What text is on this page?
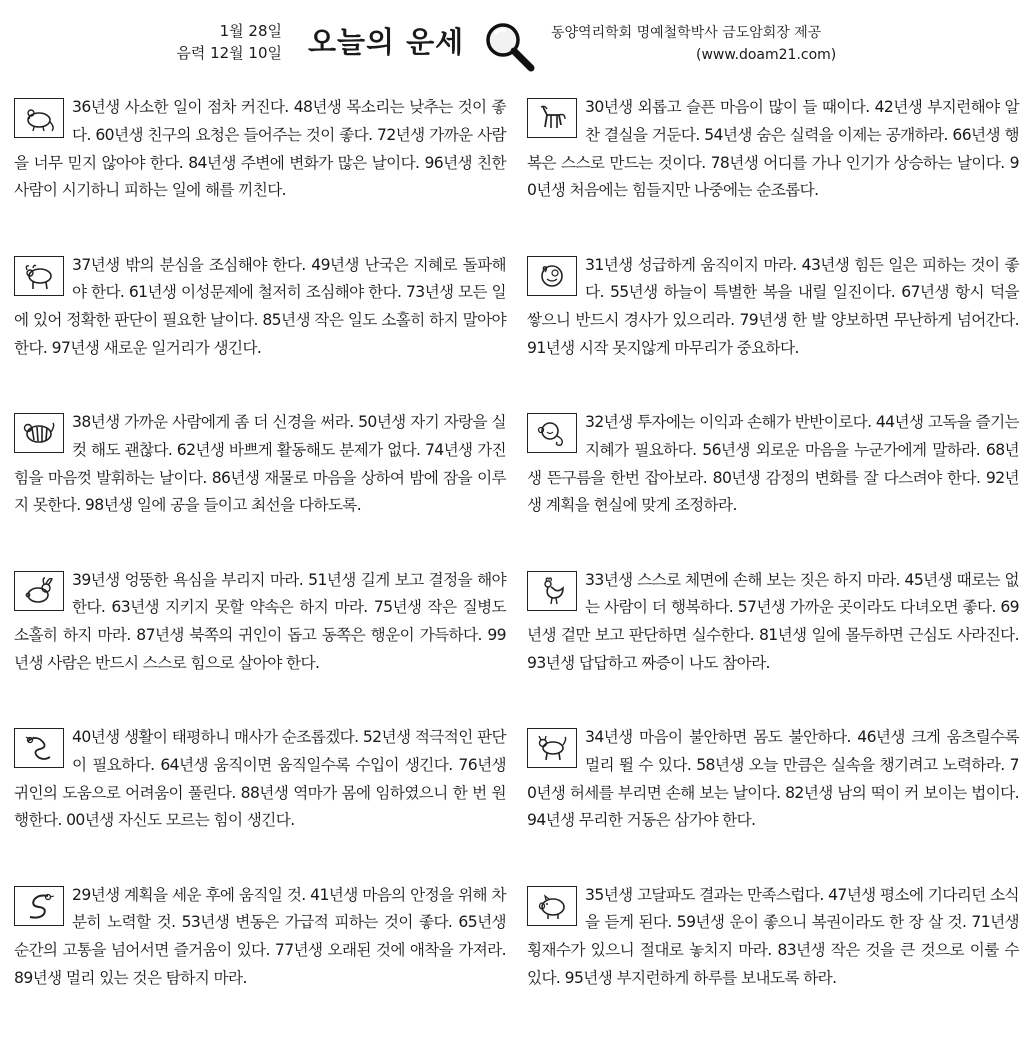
1월 28일
음력 12월 10일 오늘의 운세	동양역리학회 명예철학박사 금도암회장 제공
(www.doam21.com)

36년생 사소한 일이 점차 커진다. 48년생 목소리는 낮추는 것이 좋다. 60년생 친구의 요청은 들어주는 것이 좋다. 72년생 가까운 사람을 너무 믿지 않아야 한다. 84년생 주변에 변화가 많은 날이다. 96년생 친한 사람이 시기하니 피하는 일에 해를 끼친다.

37년생 밖의 분심을 조심해야 한다. 49년생 난국은 지혜로 돌파해야 한다. 61년생 이성문제에 철저히 조심해야 한다. 73년생 모든 일에 있어 정확한 판단이 필요한 날이다. 85년생 작은 일도 소홀히 하지 말아야 한다. 97년생 새로운 일거리가 생긴다.

38년생 가까운 사람에게 좀 더 신경을 써라. 50년생 자기 자랑을 실컷 해도 괜찮다. 62년생 바쁘게 활동해도 분제가 없다. 74년생 가진 힘을 마음껏 발휘하는 날이다. 86년생 재물로 마음을 상하여 밤에 잠을 이루지 못한다. 98년생 일에 공을 들이고 최선을 다하도록.

39년생 엉뚱한 욕심을 부리지 마라. 51년생 길게 보고 결정을 해야 한다. 63년생 지키지 못할 약속은 하지 마라. 75년생 작은 질병도 소홀히 하지 마라. 87년생 북쪽의 귀인이 돕고 동쪽은 행운이 가득하다. 99년생 사람은 반드시 스스로 힘으로 살아야 한다.

40년생 생활이 태평하니 매사가 순조롭겠다. 52년생 적극적인 판단이 필요하다. 64년생 움직이면 움직일수록 수입이 생긴다. 76년생 귀인의 도움으로 어려움이 풀린다. 88년생 역마가 몸에 임하였으니 한 번 원행한다. 00년생 자신도 모르는 힘이 생긴다.

29년생 계획을 세운 후에 움직일 것. 41년생 마음의 안정을 위해 차분히 노력할 것. 53년생 변동은 가급적 피하는 것이 좋다. 65년생 순간의 고통을 넘어서면 즐거움이 있다. 77년생 오래된 것에 애착을 가져라. 89년생 멀리 있는 것은 탐하지 마라.

30년생 외롭고 슬픈 마음이 많이 들 때이다. 42년생 부지런해야 알찬 결실을 거둔다. 54년생 숨은 실력을 이제는 공개하라. 66년생 행복은 스스로 만드는 것이다. 78년생 어디를 가나 인기가 상승하는 날이다. 90년생 처음에는 힘들지만 나중에는 순조롭다.

31년생 성급하게 움직이지 마라. 43년생 힘든 일은 피하는 것이 좋다. 55년생 하늘이 특별한 복을 내릴 일진이다. 67년생 항시 덕을 쌓으니 반드시 경사가 있으리라. 79년생 한 발 양보하면 무난하게 넘어간다. 91년생 시작 못지않게 마무리가 중요하다.

32년생 투자에는 이익과 손해가 반반이로다. 44년생 고독을 즐기는 지혜가 필요하다. 56년생 외로운 마음을 누군가에게 말하라. 68년생 뜬구름을 한번 잡아보라. 80년생 감정의 변화를 잘 다스려야 한다. 92년생 계획을 현실에 맞게 조정하라.

33년생 스스로 체면에 손해 보는 짓은 하지 마라. 45년생 때로는 없는 사람이 더 행복하다. 57년생 가까운 곳이라도 다녀오면 좋다. 69년생 겉만 보고 판단하면 실수한다. 81년생 일에 몰두하면 근심도 사라진다. 93년생 답답하고 짜증이 나도 참아라.

34년생 마음이 불안하면 몸도 불안하다. 46년생 크게 움츠릴수록 멀리 뛸 수 있다. 58년생 오늘 만큼은 실속을 챙기려고 노력하라. 70년생 허세를 부리면 손해 보는 날이다. 82년생 남의 떡이 커 보이는 법이다. 94년생 무리한 거동은 삼가야 한다.

35년생 고달파도 결과는 만족스럽다. 47년생 평소에 기다리던 소식을 듣게 된다. 59년생 운이 좋으니 복권이라도 한 장 살 것. 71년생 횡재수가 있으니 절대로 놓치지 마라. 83년생 작은 것을 큰 것으로 이룰 수 있다. 95년생 부지런하게 하루를 보내도록 하라.
